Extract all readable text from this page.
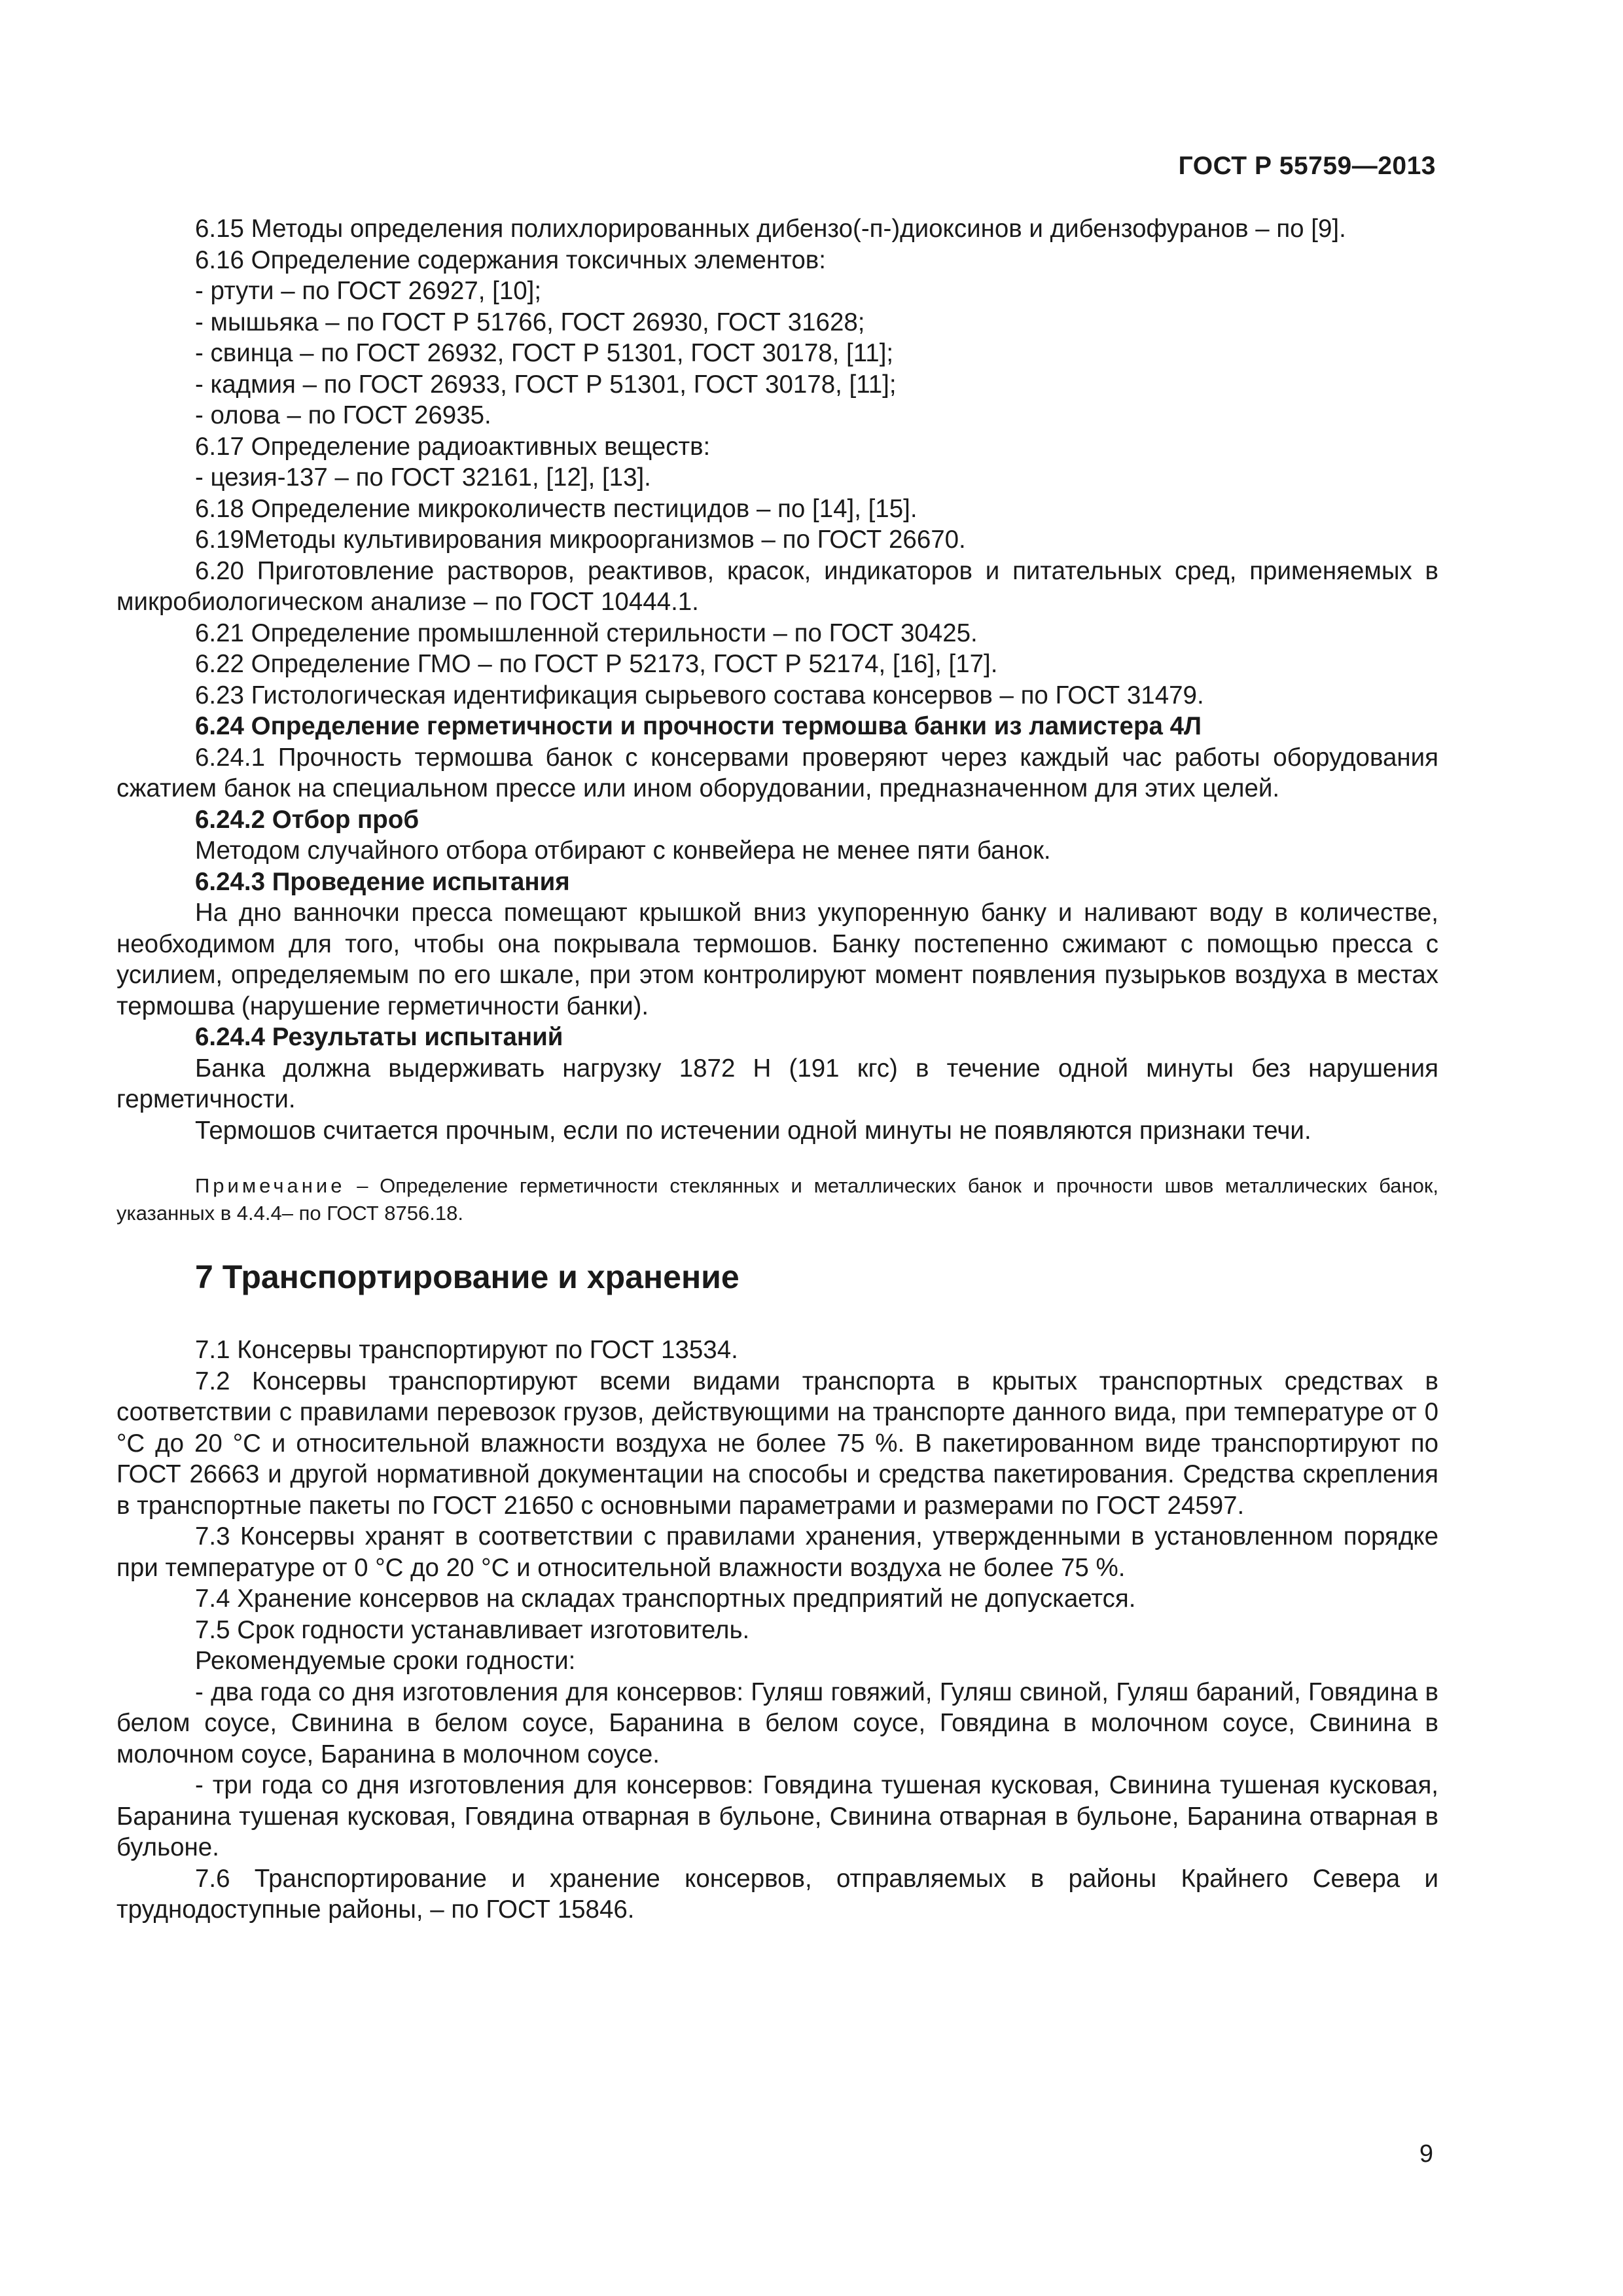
ГОСТ Р 55759—2013

6.15 Методы определения полихлорированных дибензо(-п-)диоксинов и дибензофуранов – по [9].

6.16 Определение содержания токсичных элементов:

- ртути – по ГОСТ 26927, [10];

- мышьяка – по ГОСТ Р 51766, ГОСТ 26930, ГОСТ 31628;

- свинца – по ГОСТ 26932, ГОСТ Р 51301, ГОСТ 30178, [11];

- кадмия – по ГОСТ 26933, ГОСТ Р 51301, ГОСТ 30178, [11];

- олова – по ГОСТ 26935.

6.17 Определение радиоактивных веществ:

- цезия-137 – по ГОСТ 32161, [12], [13].

6.18 Определение микроколичеств пестицидов – по [14], [15].

6.19Методы культивирования микроорганизмов – по ГОСТ 26670.

6.20 Приготовление растворов, реактивов, красок, индикаторов и питательных сред, применяемых в микробиологическом анализе – по ГОСТ 10444.1.

6.21 Определение промышленной стерильности – по ГОСТ 30425.

6.22 Определение ГМО – по ГОСТ Р 52173, ГОСТ Р 52174, [16], [17].

6.23 Гистологическая идентификация сырьевого состава консервов – по ГОСТ 31479.

6.24 Определение герметичности и прочности термошва банки из ламистера 4Л

6.24.1 Прочность термошва банок с консервами проверяют через каждый час работы оборудования сжатием банок на специальном прессе или ином оборудовании, предназначенном для этих целей.

6.24.2 Отбор проб

Методом случайного отбора отбирают с конвейера не менее пяти банок.

6.24.3 Проведение испытания

На дно ванночки пресса помещают крышкой вниз укупоренную банку и наливают воду в количестве, необходимом для того, чтобы она покрывала термошов. Банку постепенно сжимают с помощью пресса с усилием, определяемым по его шкале, при этом контролируют момент появления пузырьков воздуха в местах термошва (нарушение герметичности банки).

6.24.4 Результаты испытаний

Банка должна выдерживать нагрузку 1872 Н (191 кгс) в течение одной минуты без нарушения герметичности.

Термошов считается прочным, если по истечении одной минуты не появляются признаки течи.

Примечание – Определение герметичности стеклянных и металлических банок и прочности швов металлических банок, указанных в 4.4.4– по ГОСТ 8756.18.

7 Транспортирование и хранение

7.1 Консервы транспортируют по ГОСТ 13534.

7.2 Консервы транспортируют всеми видами транспорта в крытых транспортных средствах в соответствии с правилами перевозок грузов, действующими на транспорте данного вида, при температуре от 0 °С до 20 °С и относительной влажности воздуха не более 75 %. В пакетированном виде транспортируют по ГОСТ 26663 и другой нормативной документации на способы и средства пакетирования. Средства скрепления в транспортные пакеты по ГОСТ 21650 с основными параметрами и размерами по ГОСТ 24597.

7.3 Консервы хранят в соответствии с правилами хранения, утвержденными в установленном порядке при температуре от 0 °С до 20 °С и относительной влажности воздуха не более 75 %.

7.4 Хранение консервов на складах транспортных предприятий не допускается.

7.5 Срок годности устанавливает изготовитель.

Рекомендуемые сроки годности:

- два года со дня изготовления для консервов: Гуляш говяжий, Гуляш свиной, Гуляш бараний, Говядина в белом соусе, Свинина в белом соусе, Баранина в белом соусе, Говядина в молочном соусе, Свинина в молочном соусе, Баранина в молочном соусе.

- три года со дня изготовления для консервов: Говядина тушеная кусковая, Свинина тушеная кусковая, Баранина тушеная кусковая, Говядина отварная в бульоне, Свинина отварная в бульоне, Баранина отварная в бульоне.

7.6 Транспортирование и хранение консервов, отправляемых в районы Крайнего Севера и труднодоступные районы, – по ГОСТ 15846.

9
